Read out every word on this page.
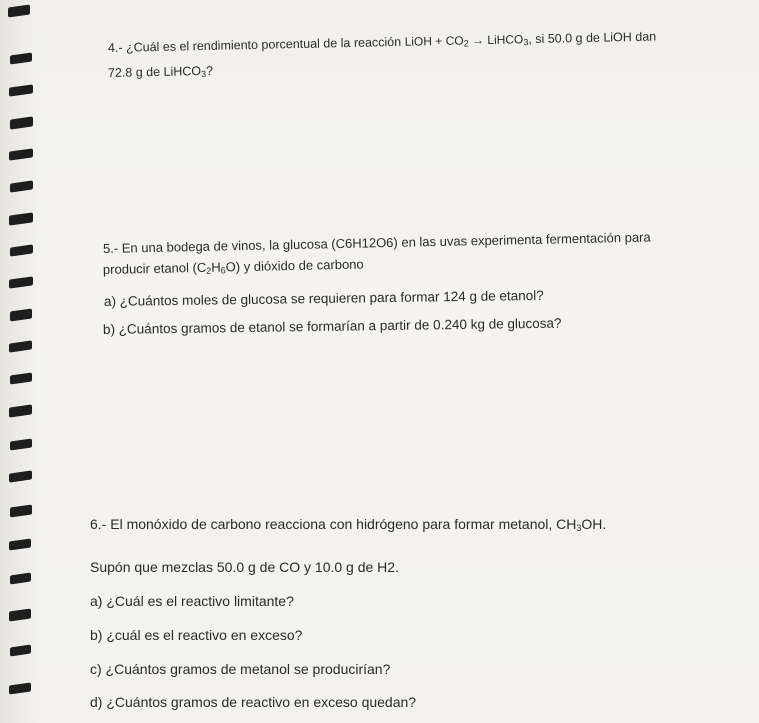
4.- ¿Cuál es el rendimiento porcentual de la reacción LiOH + $CO_2$ → LiHCO$_3$, si 50.0 g de LiOH dan
72.8 g de LiHCO$_3$?
5.- En una bodega de vinos, la glucosa (C6H12O6) en las uvas experimenta fermentación para
producir etanol $(C_2H_6O)$ y dióxido de carbono
a) ¿Cuántos moles de glucosa se requieren para formar 124 g de etanol?
b) ¿Cuántos gramos de etanol se formarían a partir de 0.240 kg de glucosa?
6.- El monóxido de carbono reacciona con hidrógeno para formar metanol, $CH_3OH$.
Supón que mezclas 50.0 g de CO y 10.0 g de H2.
a) ¿Cuál es el reactivo limitante?
b) ¿cuál es el reactivo en exceso?
c) ¿Cuántos gramos de metanol se producirían?
d) ¿Cuántos gramos de reactivo en exceso quedan?
